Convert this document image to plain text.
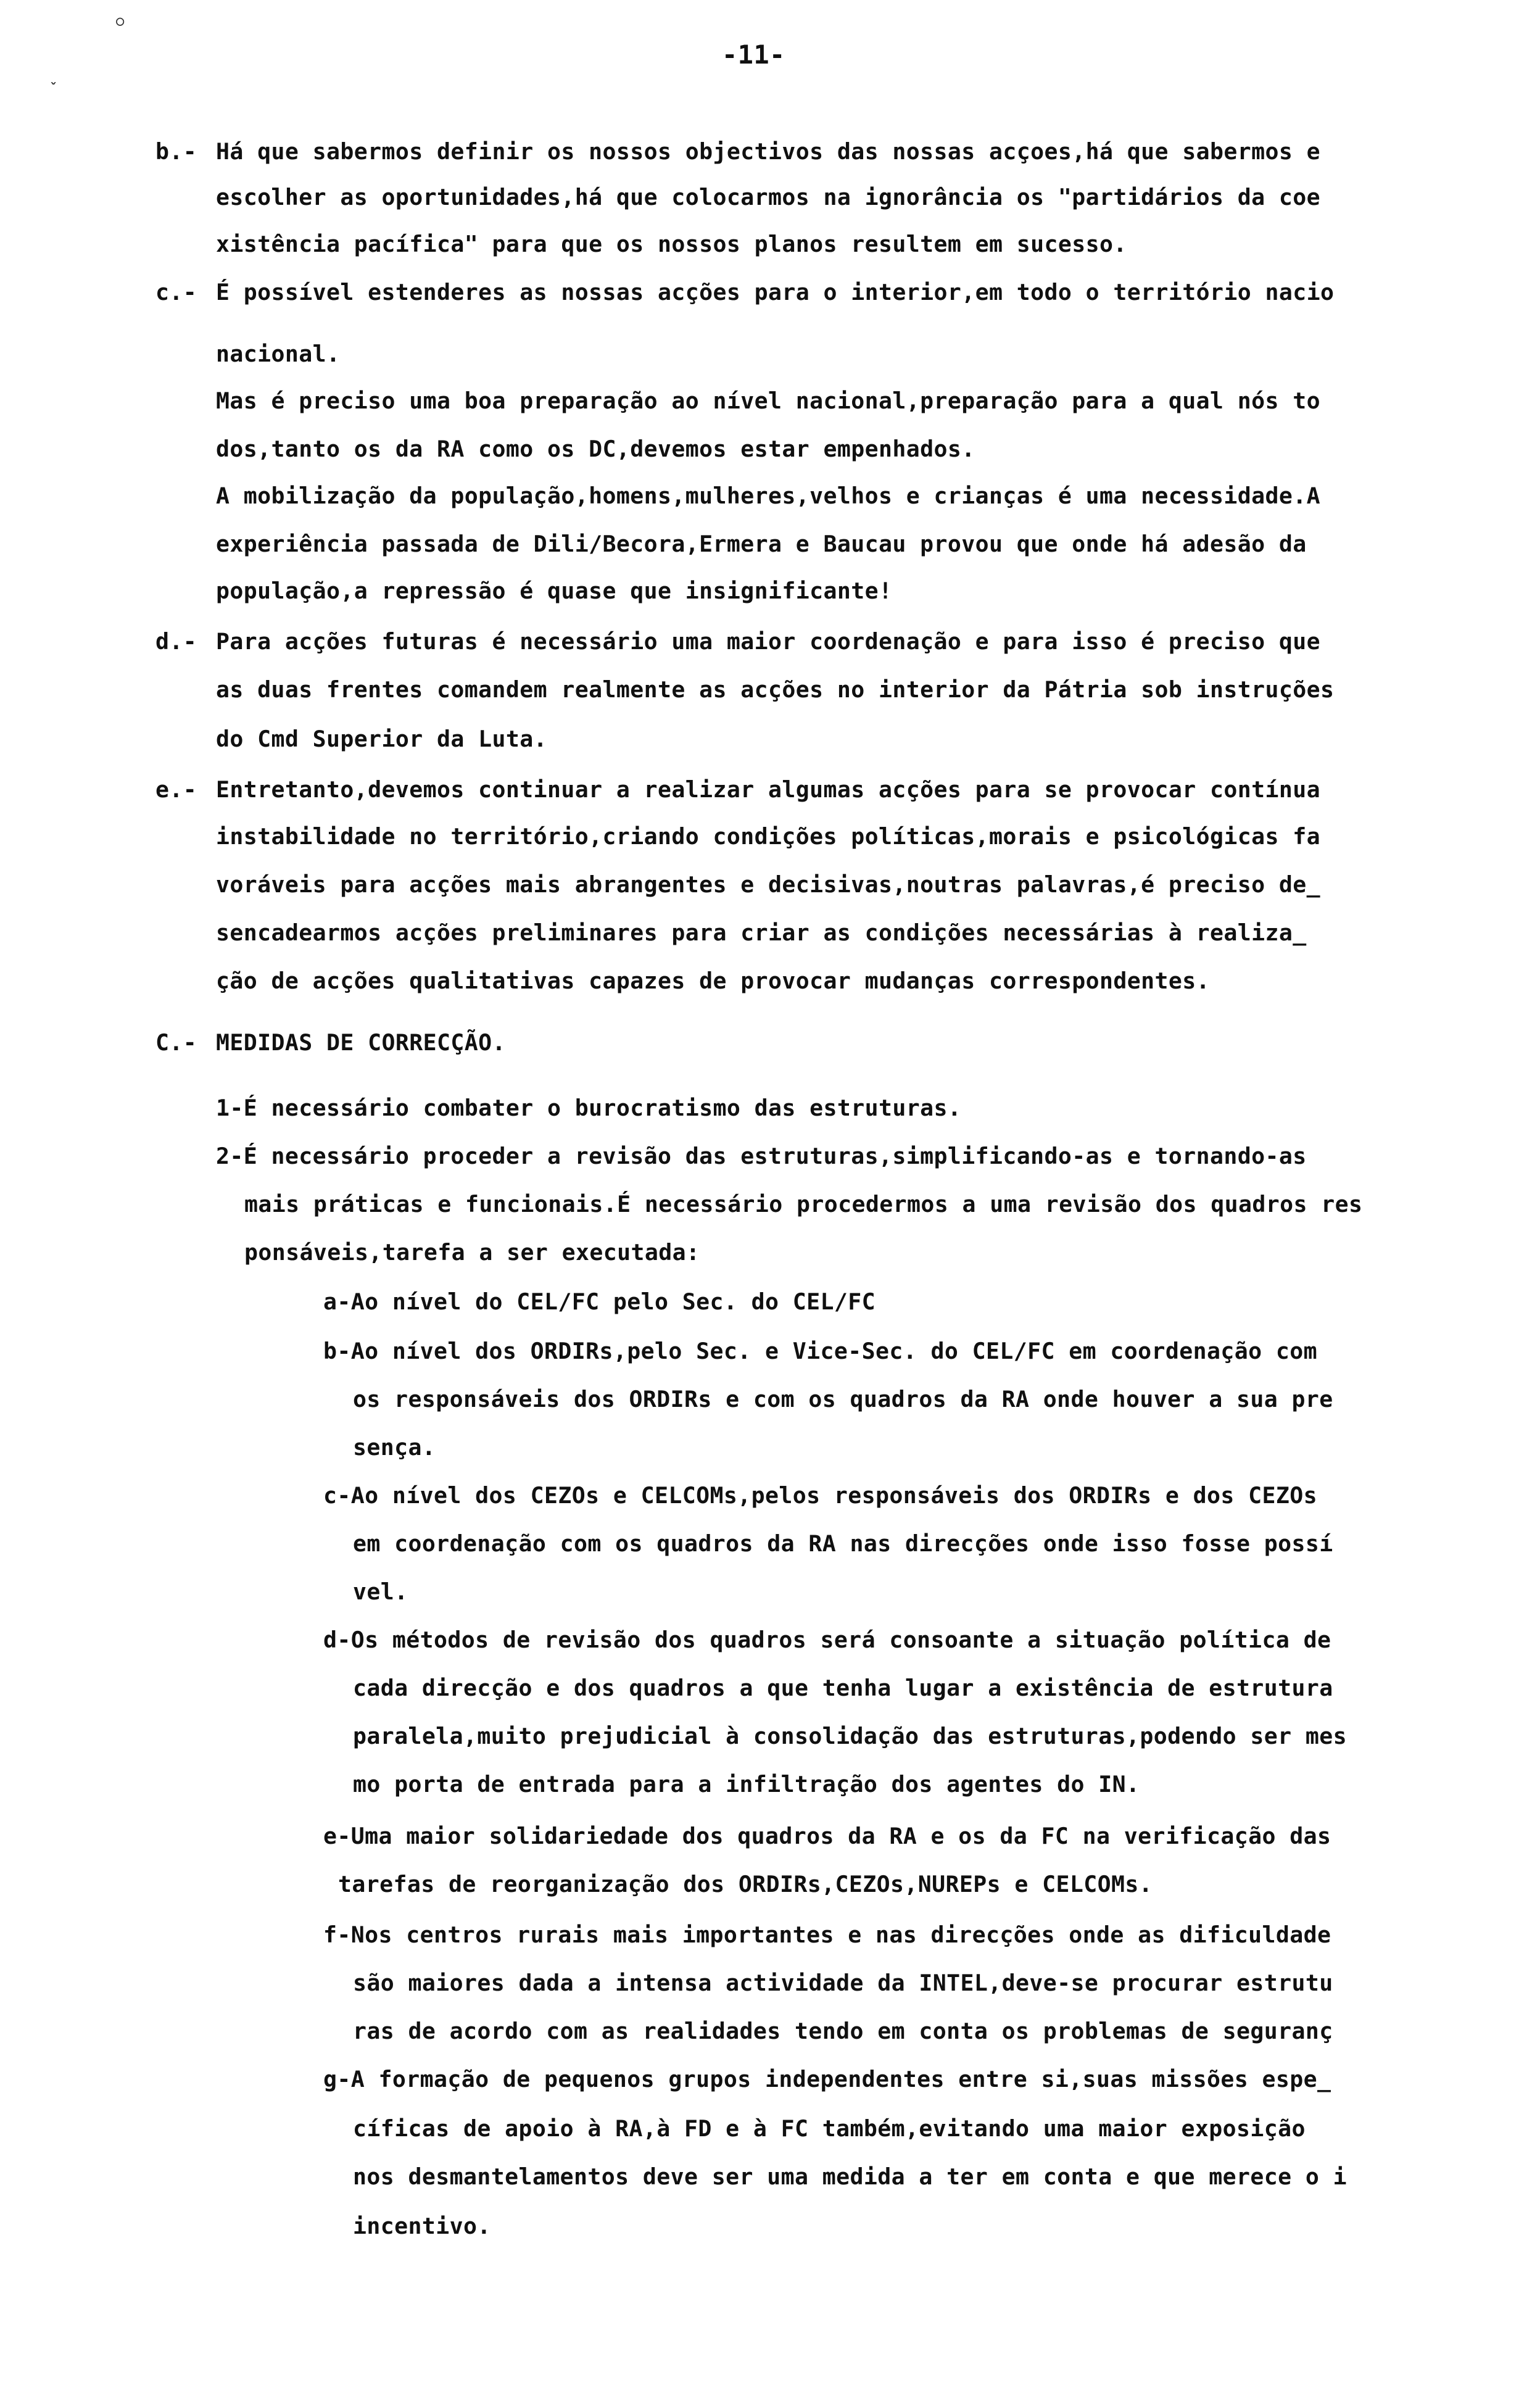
-11-
○
ˇ
b.- Há que sabermos definir os nossos objectivos das nossas acçoes,há que sabermos e
escolher as oportunidades,há que colocarmos na ignorância os "partidários da coe
xistência pacífica" para que os nossos planos resultem em sucesso.
c.- É possível estenderes as nossas acções para o interior,em todo o território nacio
nacional.
Mas é preciso uma boa preparação ao nível nacional,preparação para a qual nós to
dos,tanto os da RA como os DC,devemos estar empenhados.
A mobilização da população,homens,mulheres,velhos e crianças é uma necessidade.A
experiência passada de Dili/Becora,Ermera e Baucau provou que onde há adesão da
população,a repressão é quase que insignificante!
d.- Para acções futuras é necessário uma maior coordenação e para isso é preciso que
as duas frentes comandem realmente as acções no interior da Pátria sob instruções
do Cmd Superior da Luta.
e.- Entretanto,devemos continuar a realizar algumas acções para se provocar contínua
instabilidade no território,criando condições políticas,morais e psicológicas fa
voráveis para acções mais abrangentes e decisivas,noutras palavras,é preciso de_
sencadearmos acções preliminares para criar as condições necessárias à realiza_
ção de acções qualitativas capazes de provocar mudanças correspondentes.
C.- MEDIDAS DE CORRECÇÃO.
1-É necessário combater o burocratismo das estruturas.
2-É necessário proceder a revisão das estruturas,simplificando-as e tornando-as
mais práticas e funcionais.É necessário procedermos a uma revisão dos quadros res
ponsáveis,tarefa a ser executada:
a-Ao nível do CEL/FC pelo Sec. do CEL/FC
b-Ao nível dos ORDIRs,pelo Sec. e Vice-Sec. do CEL/FC em coordenação com
os responsáveis dos ORDIRs e com os quadros da RA onde houver a sua pre
sença.
c-Ao nível dos CEZOs e CELCOMs,pelos responsáveis dos ORDIRs e dos CEZOs
em coordenação com os quadros da RA nas direcções onde isso fosse possí
vel.
d-Os métodos de revisão dos quadros será consoante a situação política de
cada direcção e dos quadros a que tenha lugar a existência de estrutura
paralela,muito prejudicial à consolidação das estruturas,podendo ser mes
mo porta de entrada para a infiltração dos agentes do IN.
e-Uma maior solidariedade dos quadros da RA e os da FC na verificação das
tarefas de reorganização dos ORDIRs,CEZOs,NUREPs e CELCOMs.
f-Nos centros rurais mais importantes e nas direcções onde as dificuldade
são maiores dada a intensa actividade da INTEL,deve-se procurar estrutu
ras de acordo com as realidades tendo em conta os problemas de seguranç
g-A formação de pequenos grupos independentes entre si,suas missões espe_
cíficas de apoio à RA,à FD e à FC também,evitando uma maior exposição
nos desmantelamentos deve ser uma medida a ter em conta e que merece o i
incentivo.
